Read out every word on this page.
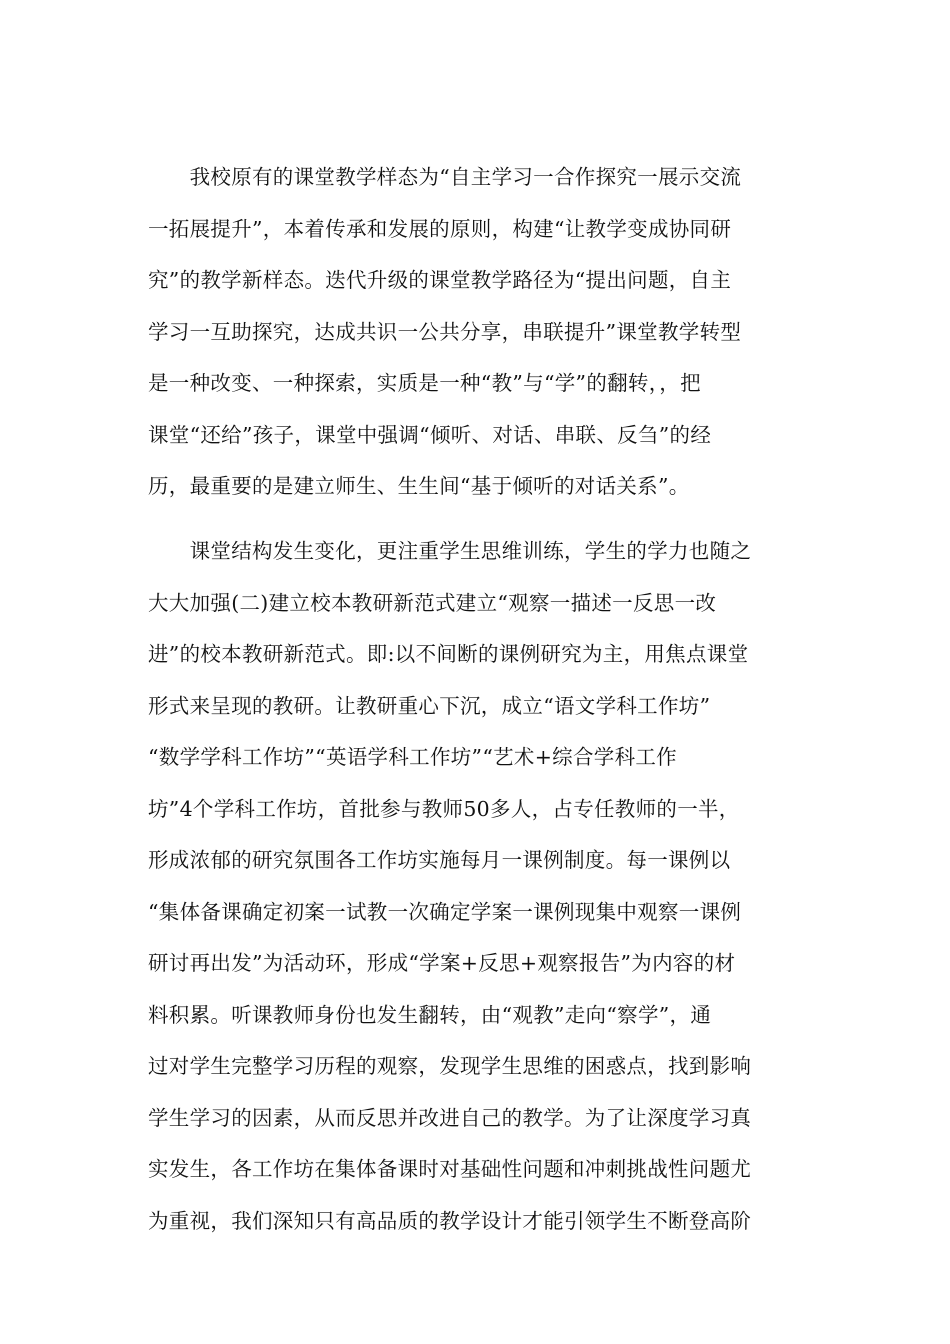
　　我校原有的课堂教学样态为“自主学习一合作探究一展示交流
一拓展提升”，本着传承和发展的原则，构建“让教学变成协同研
究”的教学新样态。迭代升级的课堂教学路径为“提出问题，自主
学习一互助探究，达成共识一公共分享，串联提升”课堂教学转型
是一种改变、一种探索，实质是一种“教”与“学”的翻转，，把
课堂“还给”孩子，课堂中强调“倾听、对话、串联、反刍”的经
历，最重要的是建立师生、生生间“基于倾听的对话关系”。
　　课堂结构发生变化，更注重学生思维训练，学生的学力也随之
大大加强(二)建立校本教研新范式建立“观察一描述一反思一改
进”的校本教研新范式。即:以不间断的课例研究为主，用焦点课堂
形式来呈现的教研。让教研重心下沉，成立“语文学科工作坊”
“数学学科工作坊”“英语学科工作坊”“艺术+综合学科工作
坊”4个学科工作坊，首批参与教师50多人，占专任教师的一半，
形成浓郁的研究氛围各工作坊实施每月一课例制度。每一课例以
“集体备课确定初案一试教一次确定学案一课例现集中观察一课例
研讨再出发”为活动环，形成“学案+反思+观察报告”为内容的材
料积累。听课教师身份也发生翻转，由“观教”走向“察学”，通
过对学生完整学习历程的观察，发现学生思维的困惑点，找到影响
学生学习的因素，从而反思并改进自己的教学。为了让深度学习真
实发生，各工作坊在集体备课时对基础性问题和冲刺挑战性问题尤
为重视，我们深知只有高品质的教学设计才能引领学生不断登高阶
